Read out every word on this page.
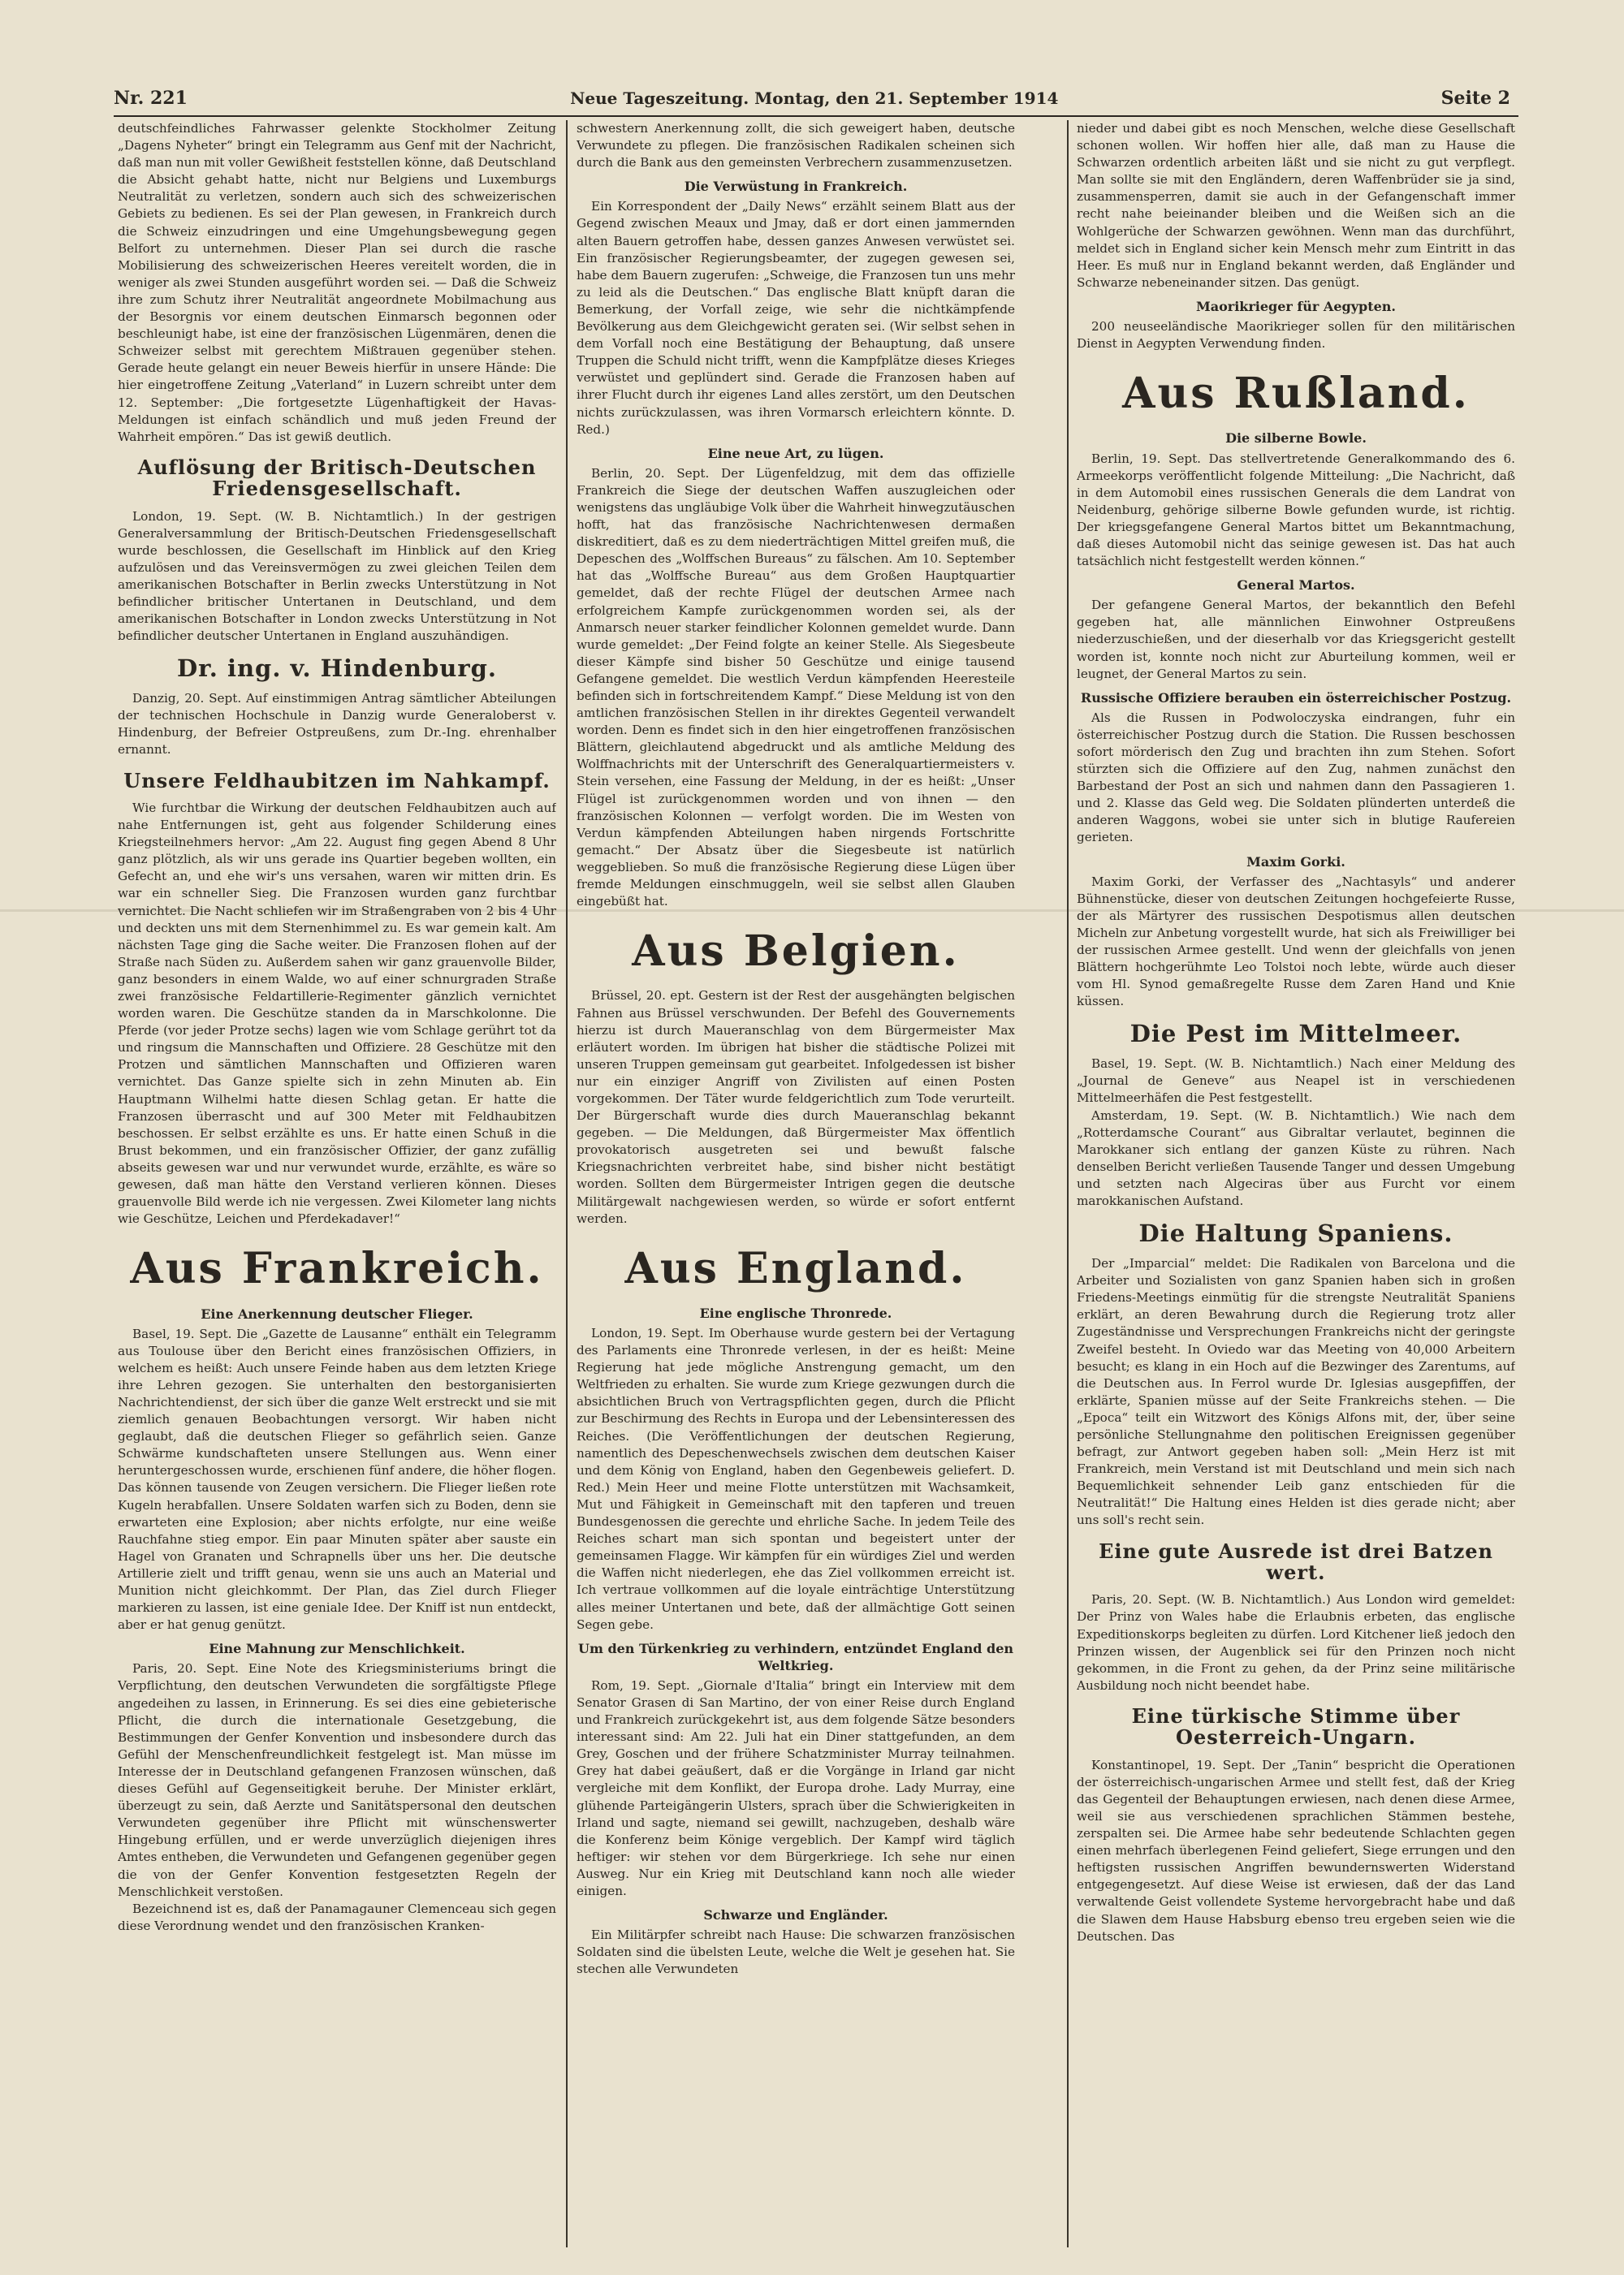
Nr. 221	Neue Tageszeitung. Montag, den 21. September 1914	Seite 2

deutschfeindliches Fahrwasser gelenkte Stockholmer Zeitung „Dagens Nyheter“ bringt ein Telegramm aus Genf mit der Nachricht, daß man nun mit voller Gewißheit feststellen könne, daß Deutschland die Absicht gehabt hatte, nicht nur Belgiens und Luxemburgs Neutralität zu verletzen, sondern auch sich des schweizerischen Gebiets zu bedienen. Es sei der Plan gewesen, in Frankreich durch die Schweiz einzudringen und eine Umgehungsbewegung gegen Belfort zu unternehmen. Dieser Plan sei durch die rasche Mobilisierung des schweizerischen Heeres vereitelt worden, die in weniger als zwei Stunden ausgeführt worden sei. — Daß die Schweiz ihre zum Schutz ihrer Neutralität angeordnete Mobilmachung aus der Besorgnis vor einem deutschen Einmarsch begonnen oder beschleunigt habe, ist eine der französischen Lügenmären, denen die Schweizer selbst mit gerechtem Mißtrauen gegenüber stehen. Gerade heute gelangt ein neuer Beweis hierfür in unsere Hände: Die hier eingetroffene Zeitung „Vaterland“ in Luzern schreibt unter dem 12. September: „Die fortgesetzte Lügenhaftigkeit der Havas-Meldungen ist einfach schändlich und muß jeden Freund der Wahrheit empören.“ Das ist gewiß deutlich.

Auflösung der Britisch-Deutschen Friedensgesellschaft.

London, 19. Sept. (W. B. Nichtamtlich.) In der gestrigen Generalversammlung der Britisch-Deutschen Friedensgesellschaft wurde beschlossen, die Gesellschaft im Hinblick auf den Krieg aufzulösen und das Vereinsvermögen zu zwei gleichen Teilen dem amerikanischen Botschafter in Berlin zwecks Unterstützung in Not befindlicher britischer Untertanen in Deutschland, und dem amerikanischen Botschafter in London zwecks Unterstützung in Not befindlicher deutscher Untertanen in England auszuhändigen.

Dr. ing. v. Hindenburg.

Danzig, 20. Sept. Auf einstimmigen Antrag sämtlicher Abteilungen der technischen Hochschule in Danzig wurde Generaloberst v. Hindenburg, der Befreier Ostpreußens, zum Dr.-Ing. ehrenhalber ernannt.

Unsere Feldhaubitzen im Nahkampf.

Wie furchtbar die Wirkung der deutschen Feldhaubitzen auch auf nahe Entfernungen ist, geht aus folgender Schilderung eines Kriegsteilnehmers hervor: „Am 22. August fing gegen Abend 8 Uhr ganz plötzlich, als wir uns gerade ins Quartier begeben wollten, ein Gefecht an, und ehe wir's uns versahen, waren wir mitten drin. Es war ein schneller Sieg. Die Franzosen wurden ganz furchtbar vernichtet. Die Nacht schliefen wir im Straßengraben von 2 bis 4 Uhr und deckten uns mit dem Sternenhimmel zu. Es war gemein kalt. Am nächsten Tage ging die Sache weiter. Die Franzosen flohen auf der Straße nach Süden zu. Außerdem sahen wir ganz grauenvolle Bilder, ganz besonders in einem Walde, wo auf einer schnurgraden Straße zwei französische Feldartillerie-Regimenter gänzlich vernichtet worden waren. Die Geschütze standen da in Marschkolonne. Die Pferde (vor jeder Protze sechs) lagen wie vom Schlage gerührt tot da und ringsum die Mannschaften und Offiziere. 28 Geschütze mit den Protzen und sämtlichen Mannschaften und Offizieren waren vernichtet. Das Ganze spielte sich in zehn Minuten ab. Ein Hauptmann Wilhelmi hatte diesen Schlag getan. Er hatte die Franzosen überrascht und auf 300 Meter mit Feldhaubitzen beschossen. Er selbst erzählte es uns. Er hatte einen Schuß in die Brust bekommen, und ein französischer Offizier, der ganz zufällig abseits gewesen war und nur verwundet wurde, erzählte, es wäre so gewesen, daß man hätte den Verstand verlieren können. Dieses grauenvolle Bild werde ich nie vergessen. Zwei Kilometer lang nichts wie Geschütze, Leichen und Pferdekadaver!“

Aus Frankreich.
Eine Anerkennung deutscher Flieger.

Basel, 19. Sept. Die „Gazette de Lausanne“ enthält ein Telegramm aus Toulouse über den Bericht eines französischen Offiziers, in welchem es heißt: Auch unsere Feinde haben aus dem letzten Kriege ihre Lehren gezogen. Sie unterhalten den bestorganisierten Nachrichtendienst, der sich über die ganze Welt erstreckt und sie mit ziemlich genauen Beobachtungen versorgt. Wir haben nicht geglaubt, daß die deutschen Flieger so gefährlich seien. Ganze Schwärme kundschafteten unsere Stellungen aus. Wenn einer heruntergeschossen wurde, erschienen fünf andere, die höher flogen. Das können tausende von Zeugen versichern. Die Flieger ließen rote Kugeln herabfallen. Unsere Soldaten warfen sich zu Boden, denn sie erwarteten eine Explosion; aber nichts erfolgte, nur eine weiße Rauchfahne stieg empor. Ein paar Minuten später aber sauste ein Hagel von Granaten und Schrapnells über uns her. Die deutsche Artillerie zielt und trifft genau, wenn sie uns auch an Material und Munition nicht gleichkommt. Der Plan, das Ziel durch Flieger markieren zu lassen, ist eine geniale Idee. Der Kniff ist nun entdeckt, aber er hat genug genützt.

Eine Mahnung zur Menschlichkeit.

Paris, 20. Sept. Eine Note des Kriegsministeriums bringt die Verpflichtung, den deutschen Verwundeten die sorgfältigste Pflege angedeihen zu lassen, in Erinnerung. Es sei dies eine gebieterische Pflicht, die durch die internationale Gesetzgebung, die Bestimmungen der Genfer Konvention und insbesondere durch das Gefühl der Menschenfreundlichkeit festgelegt ist. Man müsse im Interesse der in Deutschland gefangenen Franzosen wünschen, daß dieses Gefühl auf Gegenseitigkeit beruhe. Der Minister erklärt, überzeugt zu sein, daß Aerzte und Sanitätspersonal den deutschen Verwundeten gegenüber ihre Pflicht mit wünschenswerter Hingebung erfüllen, und er werde unverzüglich diejenigen ihres Amtes entheben, die Verwundeten und Gefangenen gegenüber gegen die von der Genfer Konvention festgesetzten Regeln der Menschlichkeit verstoßen.

Bezeichnend ist es, daß der Panamagauner Clemenceau sich gegen diese Verordnung wendet und den französischen Kranken-

schwestern Anerkennung zollt, die sich geweigert haben, deutsche Verwundete zu pflegen. Die französischen Radikalen scheinen sich durch die Bank aus den gemeinsten Verbrechern zusammenzusetzen.

Die Verwüstung in Frankreich.

Ein Korrespondent der „Daily News“ erzählt seinem Blatt aus der Gegend zwischen Meaux und Jmay, daß er dort einen jammernden alten Bauern getroffen habe, dessen ganzes Anwesen verwüstet sei. Ein französischer Regierungsbeamter, der zugegen gewesen sei, habe dem Bauern zugerufen: „Schweige, die Franzosen tun uns mehr zu leid als die Deutschen.“ Das englische Blatt knüpft daran die Bemerkung, der Vorfall zeige, wie sehr die nichtkämpfende Bevölkerung aus dem Gleichgewicht geraten sei. (Wir selbst sehen in dem Vorfall noch eine Bestätigung der Behauptung, daß unsere Truppen die Schuld nicht trifft, wenn die Kampfplätze dieses Krieges verwüstet und geplündert sind. Gerade die Franzosen haben auf ihrer Flucht durch ihr eigenes Land alles zerstört, um den Deutschen nichts zurückzulassen, was ihren Vormarsch erleichtern könnte. D. Red.)

Eine neue Art, zu lügen.

Berlin, 20. Sept. Der Lügenfeldzug, mit dem das offizielle Frankreich die Siege der deutschen Waffen auszugleichen oder wenigstens das ungläubige Volk über die Wahrheit hinwegzutäuschen hofft, hat das französische Nachrichtenwesen dermaßen diskreditiert, daß es zu dem niederträchtigen Mittel greifen muß, die Depeschen des „Wolffschen Bureaus“ zu fälschen. Am 10. September hat das „Wolffsche Bureau“ aus dem Großen Hauptquartier gemeldet, daß der rechte Flügel der deutschen Armee nach erfolgreichem Kampfe zurückgenommen worden sei, als der Anmarsch neuer starker feindlicher Kolonnen gemeldet wurde. Dann wurde gemeldet: „Der Feind folgte an keiner Stelle. Als Siegesbeute dieser Kämpfe sind bisher 50 Geschütze und einige tausend Gefangene gemeldet. Die westlich Verdun kämpfenden Heeresteile befinden sich in fortschreitendem Kampf.“ Diese Meldung ist von den amtlichen französischen Stellen in ihr direktes Gegenteil verwandelt worden. Denn es findet sich in den hier eingetroffenen französischen Blättern, gleichlautend abgedruckt und als amtliche Meldung des Wolffnachrichts mit der Unterschrift des Generalquartiermeisters v. Stein versehen, eine Fassung der Meldung, in der es heißt: „Unser Flügel ist zurückgenommen worden und von ihnen — den französischen Kolonnen — verfolgt worden. Die im Westen von Verdun kämpfenden Abteilungen haben nirgends Fortschritte gemacht.“ Der Absatz über die Siegesbeute ist natürlich weggeblieben. So muß die französische Regierung diese Lügen über fremde Meldungen einschmuggeln, weil sie selbst allen Glauben eingebüßt hat.

Aus Belgien.

Brüssel, 20. ept. Gestern ist der Rest der ausgehängten belgischen Fahnen aus Brüssel verschwunden. Der Befehl des Gouvernements hierzu ist durch Maueranschlag von dem Bürgermeister Max erläutert worden. Im übrigen hat bisher die städtische Polizei mit unseren Truppen gemeinsam gut gearbeitet. Infolgedessen ist bisher nur ein einziger Angriff von Zivilisten auf einen Posten vorgekommen. Der Täter wurde feldgerichtlich zum Tode verurteilt. Der Bürgerschaft wurde dies durch Maueranschlag bekannt gegeben. — Die Meldungen, daß Bürgermeister Max öffentlich provokatorisch ausgetreten sei und bewußt falsche Kriegsnachrichten verbreitet habe, sind bisher nicht bestätigt worden. Sollten dem Bürgermeister Intrigen gegen die deutsche Militärgewalt nachgewiesen werden, so würde er sofort entfernt werden.

Aus England.
Eine englische Thronrede.

London, 19. Sept. Im Oberhause wurde gestern bei der Vertagung des Parlaments eine Thronrede verlesen, in der es heißt: Meine Regierung hat jede mögliche Anstrengung gemacht, um den Weltfrieden zu erhalten. Sie wurde zum Kriege gezwungen durch die absichtlichen Bruch von Vertragspflichten gegen, durch die Pflicht zur Beschirmung des Rechts in Europa und der Lebensinteressen des Reiches. (Die Veröffentlichungen der deutschen Regierung, namentlich des Depeschenwechsels zwischen dem deutschen Kaiser und dem König von England, haben den Gegenbeweis geliefert. D. Red.) Mein Heer und meine Flotte unterstützen mit Wachsamkeit, Mut und Fähigkeit in Gemeinschaft mit den tapferen und treuen Bundesgenossen die gerechte und ehrliche Sache. In jedem Teile des Reiches schart man sich spontan und begeistert unter der gemeinsamen Flagge. Wir kämpfen für ein würdiges Ziel und werden die Waffen nicht niederlegen, ehe das Ziel vollkommen erreicht ist. Ich vertraue vollkommen auf die loyale einträchtige Unterstützung alles meiner Untertanen und bete, daß der allmächtige Gott seinen Segen gebe.

Um den Türkenkrieg zu verhindern, entzündet England den Weltkrieg.

Rom, 19. Sept. „Giornale d'Italia“ bringt ein Interview mit dem Senator Grasen di San Martino, der von einer Reise durch England und Frankreich zurückgekehrt ist, aus dem folgende Sätze besonders interessant sind: Am 22. Juli hat ein Diner stattgefunden, an dem Grey, Goschen und der frühere Schatzminister Murray teilnahmen. Grey hat dabei geäußert, daß er die Vorgänge in Irland gar nicht vergleiche mit dem Konflikt, der Europa drohe. Lady Murray, eine glühende Parteigängerin Ulsters, sprach über die Schwierigkeiten in Irland und sagte, niemand sei gewillt, nachzugeben, deshalb wäre die Konferenz beim Könige vergeblich. Der Kampf wird täglich heftiger: wir stehen vor dem Bürgerkriege. Ich sehe nur einen Ausweg. Nur ein Krieg mit Deutschland kann noch alle wieder einigen.

Schwarze und Engländer.

Ein Militärpfer schreibt nach Hause: Die schwarzen französischen Soldaten sind die übelsten Leute, welche die Welt je gesehen hat. Sie stechen alle Verwundeten

nieder und dabei gibt es noch Menschen, welche diese Gesellschaft schonen wollen. Wir hoffen hier alle, daß man zu Hause die Schwarzen ordentlich arbeiten läßt und sie nicht zu gut verpflegt. Man sollte sie mit den Engländern, deren Waffenbrüder sie ja sind, zusammensperren, damit sie auch in der Gefangenschaft immer recht nahe beieinander bleiben und die Weißen sich an die Wohlgerüche der Schwarzen gewöhnen. Wenn man das durchführt, meldet sich in England sicher kein Mensch mehr zum Eintritt in das Heer. Es muß nur in England bekannt werden, daß Engländer und Schwarze nebeneinander sitzen. Das genügt.

Maorikrieger für Aegypten.

200 neuseeländische Maorikrieger sollen für den militärischen Dienst in Aegypten Verwendung finden.

Aus Rußland.
Die silberne Bowle.

Berlin, 19. Sept. Das stellvertretende Generalkommando des 6. Armeekorps veröffentlicht folgende Mitteilung: „Die Nachricht, daß in dem Automobil eines russischen Generals die dem Landrat von Neidenburg, gehörige silberne Bowle gefunden wurde, ist richtig. Der kriegsgefangene General Martos bittet um Bekanntmachung, daß dieses Automobil nicht das seinige gewesen ist. Das hat auch tatsächlich nicht festgestellt werden können.“

General Martos.

Der gefangene General Martos, der bekanntlich den Befehl gegeben hat, alle männlichen Einwohner Ostpreußens niederzuschießen, und der dieserhalb vor das Kriegsgericht gestellt worden ist, konnte noch nicht zur Aburteilung kommen, weil er leugnet, der General Martos zu sein.

Russische Offiziere berauben ein österreichischer Postzug.

Als die Russen in Podwoloczyska eindrangen, fuhr ein österreichischer Postzug durch die Station. Die Russen beschossen sofort mörderisch den Zug und brachten ihn zum Stehen. Sofort stürzten sich die Offiziere auf den Zug, nahmen zunächst den Barbestand der Post an sich und nahmen dann den Passagieren 1. und 2. Klasse das Geld weg. Die Soldaten plünderten unterdeß die anderen Waggons, wobei sie unter sich in blutige Raufereien gerieten.

Maxim Gorki.

Maxim Gorki, der Verfasser des „Nachtasyls“ und anderer Bühnenstücke, dieser von deutschen Zeitungen hochgefeierte Russe, der als Märtyrer des russischen Despotismus allen deutschen Micheln zur Anbetung vorgestellt wurde, hat sich als Freiwilliger bei der russischen Armee gestellt. Und wenn der gleichfalls von jenen Blättern hochgerühmte Leo Tolstoi noch lebte, würde auch dieser vom Hl. Synod gemaßregelte Russe dem Zaren Hand und Knie küssen.

Die Pest im Mittelmeer.

Basel, 19. Sept. (W. B. Nichtamtlich.) Nach einer Meldung des „Journal de Geneve“ aus Neapel ist in verschiedenen Mittelmeerhäfen die Pest festgestellt.

Amsterdam, 19. Sept. (W. B. Nichtamtlich.) Wie nach dem „Rotterdamsche Courant“ aus Gibraltar verlautet, beginnen die Marokkaner sich entlang der ganzen Küste zu rühren. Nach denselben Bericht verließen Tausende Tanger und dessen Umgebung und setzten nach Algeciras über aus Furcht vor einem marokkanischen Aufstand.

Die Haltung Spaniens.

Der „Imparcial“ meldet: Die Radikalen von Barcelona und die Arbeiter und Sozialisten von ganz Spanien haben sich in großen Friedens-Meetings einmütig für die strengste Neutralität Spaniens erklärt, an deren Bewahrung durch die Regierung trotz aller Zugeständnisse und Versprechungen Frankreichs nicht der geringste Zweifel besteht. In Oviedo war das Meeting von 40,000 Arbeitern besucht; es klang in ein Hoch auf die Bezwinger des Zarentums, auf die Deutschen aus. In Ferrol wurde Dr. Iglesias ausgepfiffen, der erklärte, Spanien müsse auf der Seite Frankreichs stehen. — Die „Epoca“ teilt ein Witzwort des Königs Alfons mit, der, über seine persönliche Stellungnahme den politischen Ereignissen gegenüber befragt, zur Antwort gegeben haben soll: „Mein Herz ist mit Frankreich, mein Verstand ist mit Deutschland und mein sich nach Bequemlichkeit sehnender Leib ganz entschieden für die Neutralität!“ Die Haltung eines Helden ist dies gerade nicht; aber uns soll's recht sein.

Eine gute Ausrede ist drei Batzen wert.

Paris, 20. Sept. (W. B. Nichtamtlich.) Aus London wird gemeldet: Der Prinz von Wales habe die Erlaubnis erbeten, das englische Expeditionskorps begleiten zu dürfen. Lord Kitchener ließ jedoch den Prinzen wissen, der Augenblick sei für den Prinzen noch nicht gekommen, in die Front zu gehen, da der Prinz seine militärische Ausbildung noch nicht beendet habe.

Eine türkische Stimme über Oesterreich-Ungarn.

Konstantinopel, 19. Sept. Der „Tanin“ bespricht die Operationen der österreichisch-ungarischen Armee und stellt fest, daß der Krieg das Gegenteil der Behauptungen erwiesen, nach denen diese Armee, weil sie aus verschiedenen sprachlichen Stämmen bestehe, zerspalten sei. Die Armee habe sehr bedeutende Schlachten gegen einen mehrfach überlegenen Feind geliefert, Siege errungen und den heftigsten russischen Angriffen bewundernswerten Widerstand entgegengesetzt. Auf diese Weise ist erwiesen, daß der das Land verwaltende Geist vollendete Systeme hervorgebracht habe und daß die Slawen dem Hause Habsburg ebenso treu ergeben seien wie die Deutschen. Das
